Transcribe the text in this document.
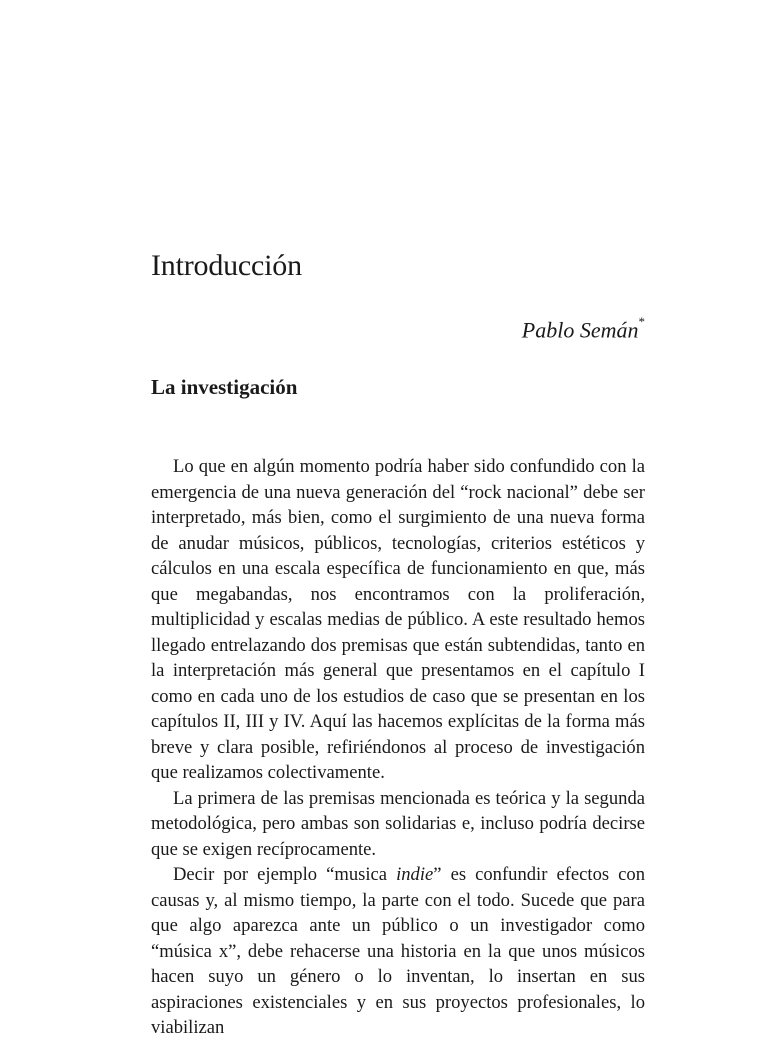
Introducción
Pablo Semán*
La investigación

Lo que en algún momento podría haber sido confundido con la emergencia de una nueva generación del “rock nacional” debe ser interpretado, más bien, como el surgimiento de una nueva forma de anudar músicos, públicos, tecnologías, criterios estéticos y cálculos en una escala específica de funcionamiento en que, más que megabandas, nos encontramos con la proliferación, multiplicidad y escalas medias de público. A este resultado hemos llegado entrelazando dos premisas que están subtendidas, tanto en la interpretación más general que presentamos en el capítulo I como en cada uno de los estudios de caso que se presentan en los capítulos II, III y IV. Aquí las hacemos explícitas de la forma más breve y clara posible, refiriéndonos al proceso de investigación que realizamos colectivamente.

La primera de las premisas mencionada es teórica y la segunda metodológica, pero ambas son solidarias e, incluso podría decirse que se exigen recíprocamente.

Decir por ejemplo “musica indie” es confundir efectos con causas y, al mismo tiempo, la parte con el todo. Sucede que para que algo aparezca ante un público o un investigador como “música x”, debe rehacerse una historia en la que unos músicos hacen suyo un género o lo inventan, lo insertan en sus aspiraciones existenciales y en sus proyectos profesionales, lo viabilizan
